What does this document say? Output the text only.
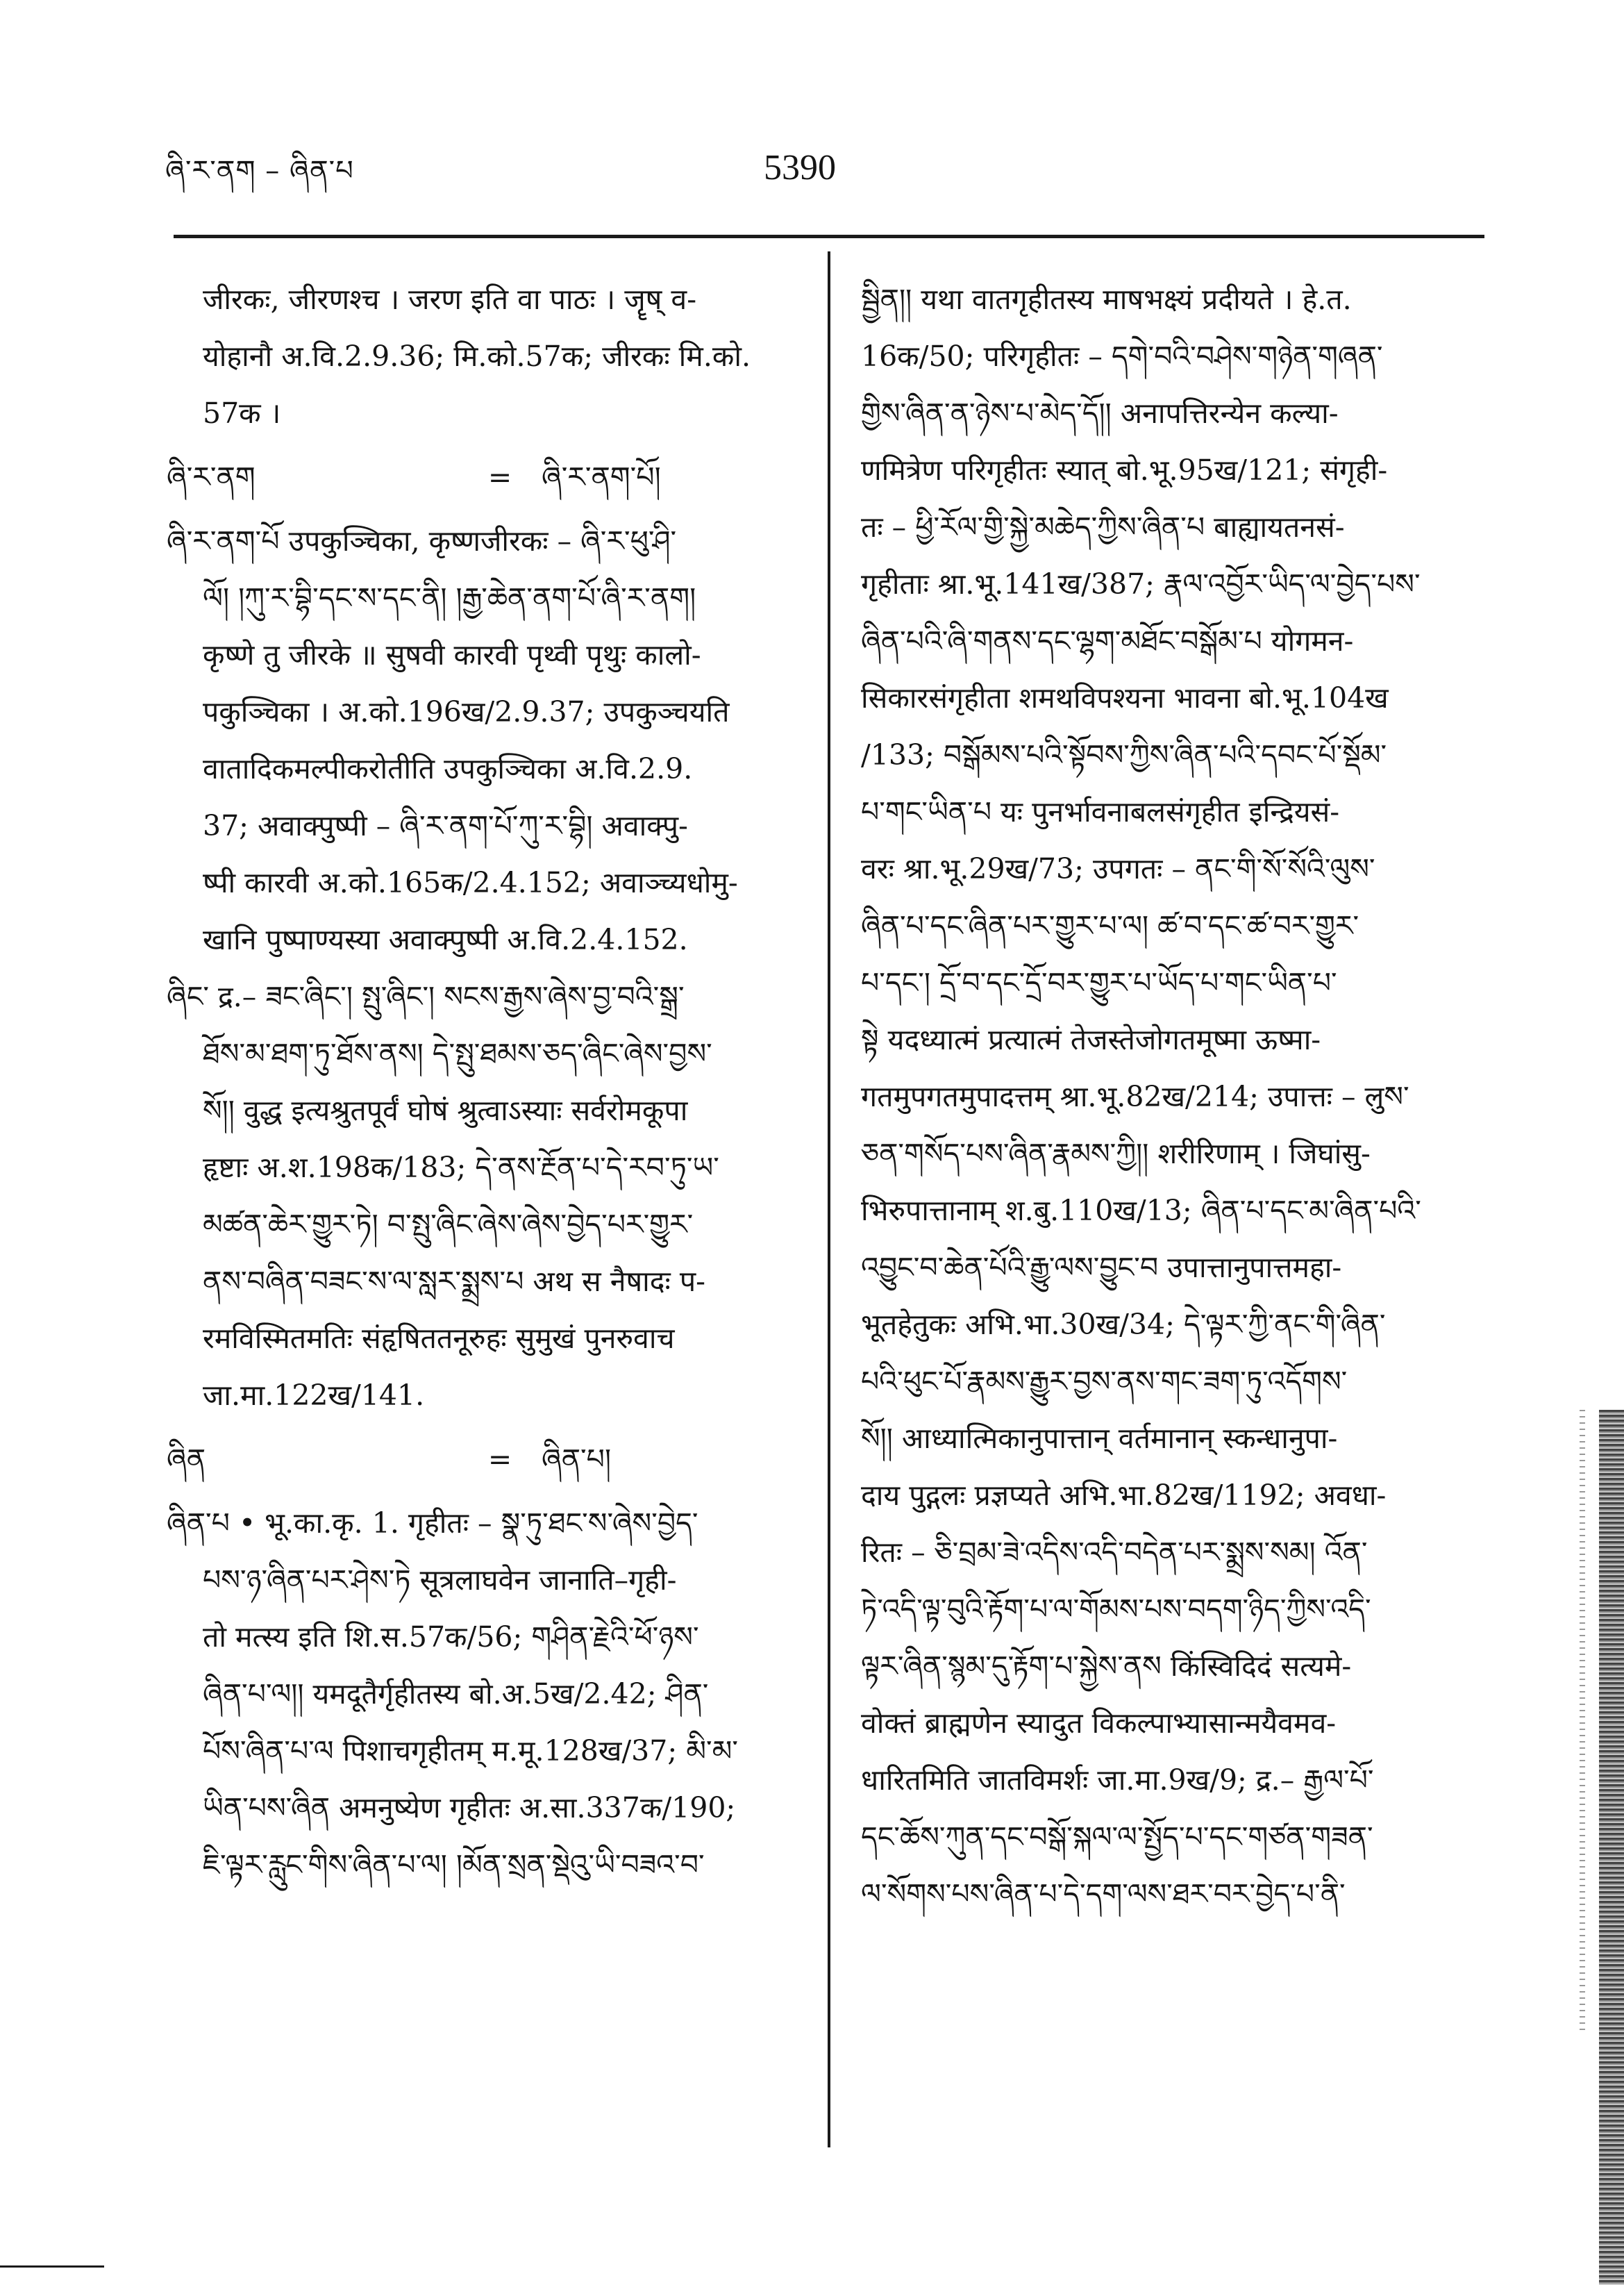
ཞི་ར་ནག – ཞིན་པ	5390
जीरकः, जीरणश्च । जरण इति वा पाठः । जॄष् व-
योहानौ अ.वि.2.9.36; मि.को.57क; जीरकः मि.को.
57क ।
ཞི་ར་ནག	=	ཞི་ར་ནག་པོ།
ཞི་ར་ནག་པོ उपकुञ्चिका, कृष्णजीरकः – ཞི་ར་ཕུ་ཤི་
ལོ། །ཀུ་ར་བྷི་དང་ས་དང་ནི། །རྒྱ་ཆེན་ནག་པོ་ཞི་ར་ནག།
कृष्णे तु जीरके ॥ सुषवी कारवी पृथ्वी पृथुः कालो-
पकुञ्चिका । अ.को.196ख/2.9.37; उपकुञ्चयति
वातादिकमल्पीकरोतीति उपकुञ्चिका अ.वि.2.9.
37; अवाक्पुष्पी – ཞི་ར་ནག་པོ་ཀུ་ར་བྷི། अवाक्पु-
ष्पी कारवी अ.को.165क/2.4.152; अवाञ्च्यधोमु-
खानि पुष्पाण्यस्या अवाक्पुष्पी अ.वि.2.4.152.
ཞིང་ द्र.– ཟང་ཞིང་། སྤུ་ཞིང་། སངས་རྒྱས་ཞེས་བྱ་བའི་སྒྲ་
ཐོས་མ་ཐག་ཏུ་ཐོས་ནས། དེ་སྤུ་ཐམས་ཅད་ཞིང་ཞེས་བྱས་
སོ།། वुद्ध इत्यश्रुतपूर्वं घोषं श्रुत्वाऽस्याः सर्वरोमकूपा
हृष्टाः अ.श.198क/183; དེ་ནས་རྔོན་པ་དེ་རབ་ཏུ་ཡ་
མཚན་ཆེར་གྱུར་ཏེ། བ་སྤུ་ཞིང་ཞེས་ཞེས་བྱེད་པར་གྱུར་
ནས་བཞིན་བཟང་ས་ལ་སླར་སྨྲས་པ अथ स नैषादः प-
रमविस्मितमतिः संहृषिततनूरुहः सुमुखं पुनरुवाच
जा.मा.122ख/141.
ཞིན	=	ཞིན་པ།
ཞིན་པ • भू.का.कृ. 1. गृहीतः – སྣ་ཏུ་ཐང་ས་ཞེས་བྱེད་
པས་ཉ་ཞིན་པར་ཤེས་ཏེ सूत्रलाघवेन जानाति–गृही-
तो मत्स्य इति शि.स.57क/56; གཤིན་རྗེའི་ཕོ་ཉས་
ཞིན་པ་ལ།། यमदूतैर्गृहीतस्य बो.अ.5ख/2.42; ཤིན་
པོས་ཞིན་པ་ལ पिशाचगृहीतम् म.मू.128ख/37; མི་མ་
ཡིན་པས་ཞིན अमनुष्येण गृहीतः अ.सा.337क/190;
ཇི་ལྟར་རླུང་གིས་ཞིན་པ་ལ། །མོན་སྲན་སྡེའུ་ཡི་བཟའ་བ་
སྦྱིན།། यथा वातगृहीतस्य माषभक्ष्यं प्रदीयते । हे.त.
16क/50; परिगृहीतः – དགེ་བའི་བཤེས་གཉེན་གཞན་
གྱིས་ཞིན་ན་ཉེས་པ་མེད་དོ།། अनापत्तिरन्येन कल्या-
णमित्रेण परिगृहीतः स्यात् बो.भू.95ख/121; संगृही-
तः – ཕྱི་རོལ་གྱི་སྐྱེ་མཆེད་ཀྱིས་ཞིན་པ बाह्यायतनसं-
गृहीताः श्रा.भू.141ख/387; རྣལ་འབྱོར་ཡིད་ལ་བྱེད་པས་
ཞིན་པའི་ཞི་གནས་དང་ལྷག་མཐོང་བསྒོམ་པ योगमन-
सिकारसंगृहीता शमथविपश्यना भावना बो.भू.104ख
/133; བསྒོམས་པའི་སྟོབས་ཀྱིས་ཞིན་པའི་དབང་པོ་སྡོམ་
པ་གང་ཡིན་པ यः पुनर्भावनाबलसंगृहीत इन्द्रियसं-
वरः श्रा.भू.29ख/73; उपगतः – ནང་གི་སོ་སོའི་ལུས་
ཞིན་པ་དང་ཞིན་པར་གྱུར་པ་ལ། ཚ་བ་དང་ཚ་བར་གྱུར་
པ་དང་། དྲོ་བ་དང་དྲོ་བར་གྱུར་པ་ཡོད་པ་གང་ཡིན་པ་
སྟེ यदध्यात्मं प्रत्यात्मं तेजस्तेजोगतमूष्मा ऊष्मा-
गतमुपगतमुपादत्तम् श्रा.भू.82ख/214; उपात्तः – लुས་
ཅན་གསོད་པས་ཞིན་རྣམས་ཀྱི།། शरीरिणाम् । जिघांसु-
भिरुपात्तानाम् श.बु.110ख/13; ཞིན་པ་དང་མ་ཞིན་པའི་
འབྱུང་བ་ཆེན་པོའི་རྒྱུ་ལས་བྱུང་བ उपात्तानुपात्तमहा-
भूतहेतुकः अभि.भा.30ख/34; དེ་ལྟར་ཀྱི་ནང་གི་ཞིན་
པའི་ཕུང་པོ་རྣམས་རྒྱུར་བྱས་ནས་གང་ཟག་ཏུ་འདོགས་
སོ།། आध्यात्मिकानुपात्तान् वर्तमानान् स्कन्धानुपा-
दाय पुद्गलः प्रज्ञप्यते अभि.भा.82ख/1192; अवधा-
रितः – ཅི་བྲམ་ཟེ་འདིས་འདི་བདེན་པར་སྨྲས་སམ། འོན་
ཏེ་འདི་ལྟ་བུའི་རྟོག་པ་ལ་གོམས་པས་བདག་ཉིད་ཀྱིས་འདི་
ལྟར་ཞིན་སྙམ་དུ་རྟོག་པ་སྐྱེས་ནས किंस्विदिदं सत्यमे-
वोक्तं ब्राह्मणेन स्यादुत विकल्पाभ्यासान्मयैवमव-
धारितमिति जातविमर्शः जा.मा.9ख/9; द्र.– རྒྱལ་པོ་
དང་ཆོས་ཀུན་དང་བསྒོ་སྐལ་ལ་སྤྱོད་པ་དང་གཙན་གཟན་
ལ་སོགས་པས་ཞིན་པ་དེ་དག་ལས་ཐར་བར་བྱེད་པ་ནི་
